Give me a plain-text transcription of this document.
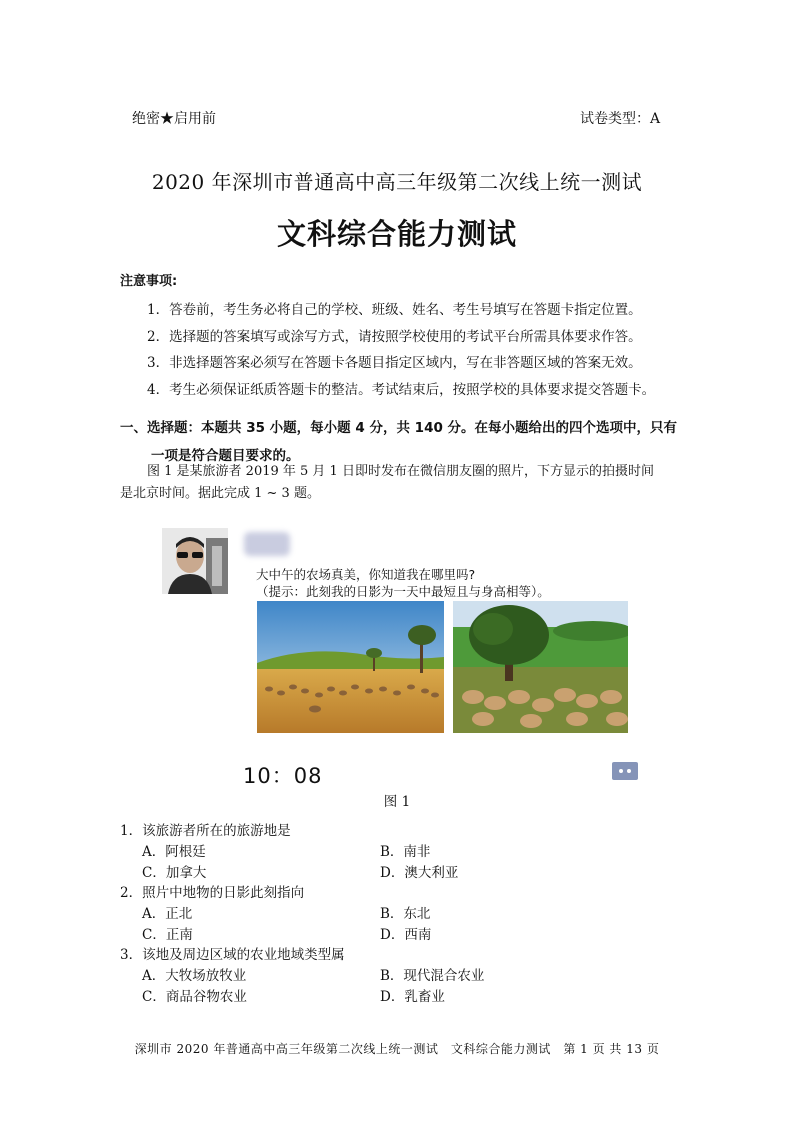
绝密★启用前	试卷类型：A
2020 年深圳市普通高中高三年级第二次线上统一测试
文科综合能力测试
注意事项:
1．答卷前，考生务必将自己的学校、班级、姓名、考生号填写在答题卡指定位置。
2．选择题的答案填写或涂写方式，请按照学校使用的考试平台所需具体要求作答。
3．非选择题答案必须写在答题卡各题目指定区域内，写在非答题区域的答案无效。
4．考生必须保证纸质答题卡的整洁。考试结束后，按照学校的具体要求提交答题卡。
一、选择题：本题共 35 小题，每小题 4 分，共 140 分。在每小题给出的四个选项中，只有
一项是符合题目要求的。
图 1 是某旅游者 2019 年 5 月 1 日即时发布在微信朋友圈的照片，下方显示的拍摄时间
是北京时间。据此完成 1 ~ 3 题。
大中午的农场真美，你知道我在哪里吗?
（提示：此刻我的日影为一天中最短且与身高相等）。
10：08
图 1
1．该旅游者所在的旅游地是
A．阿根廷	B．南非
C．加拿大	D．澳大利亚
2．照片中地物的日影此刻指向
A．正北	B．东北
C．正南	D．西南
3．该地及周边区域的农业地域类型属
A．大牧场放牧业	B．现代混合农业
C．商品谷物农业	D．乳畜业
深圳市 2020 年普通高中高三年级第二次线上统一测试　文科综合能力测试　第 1 页 共 13 页
